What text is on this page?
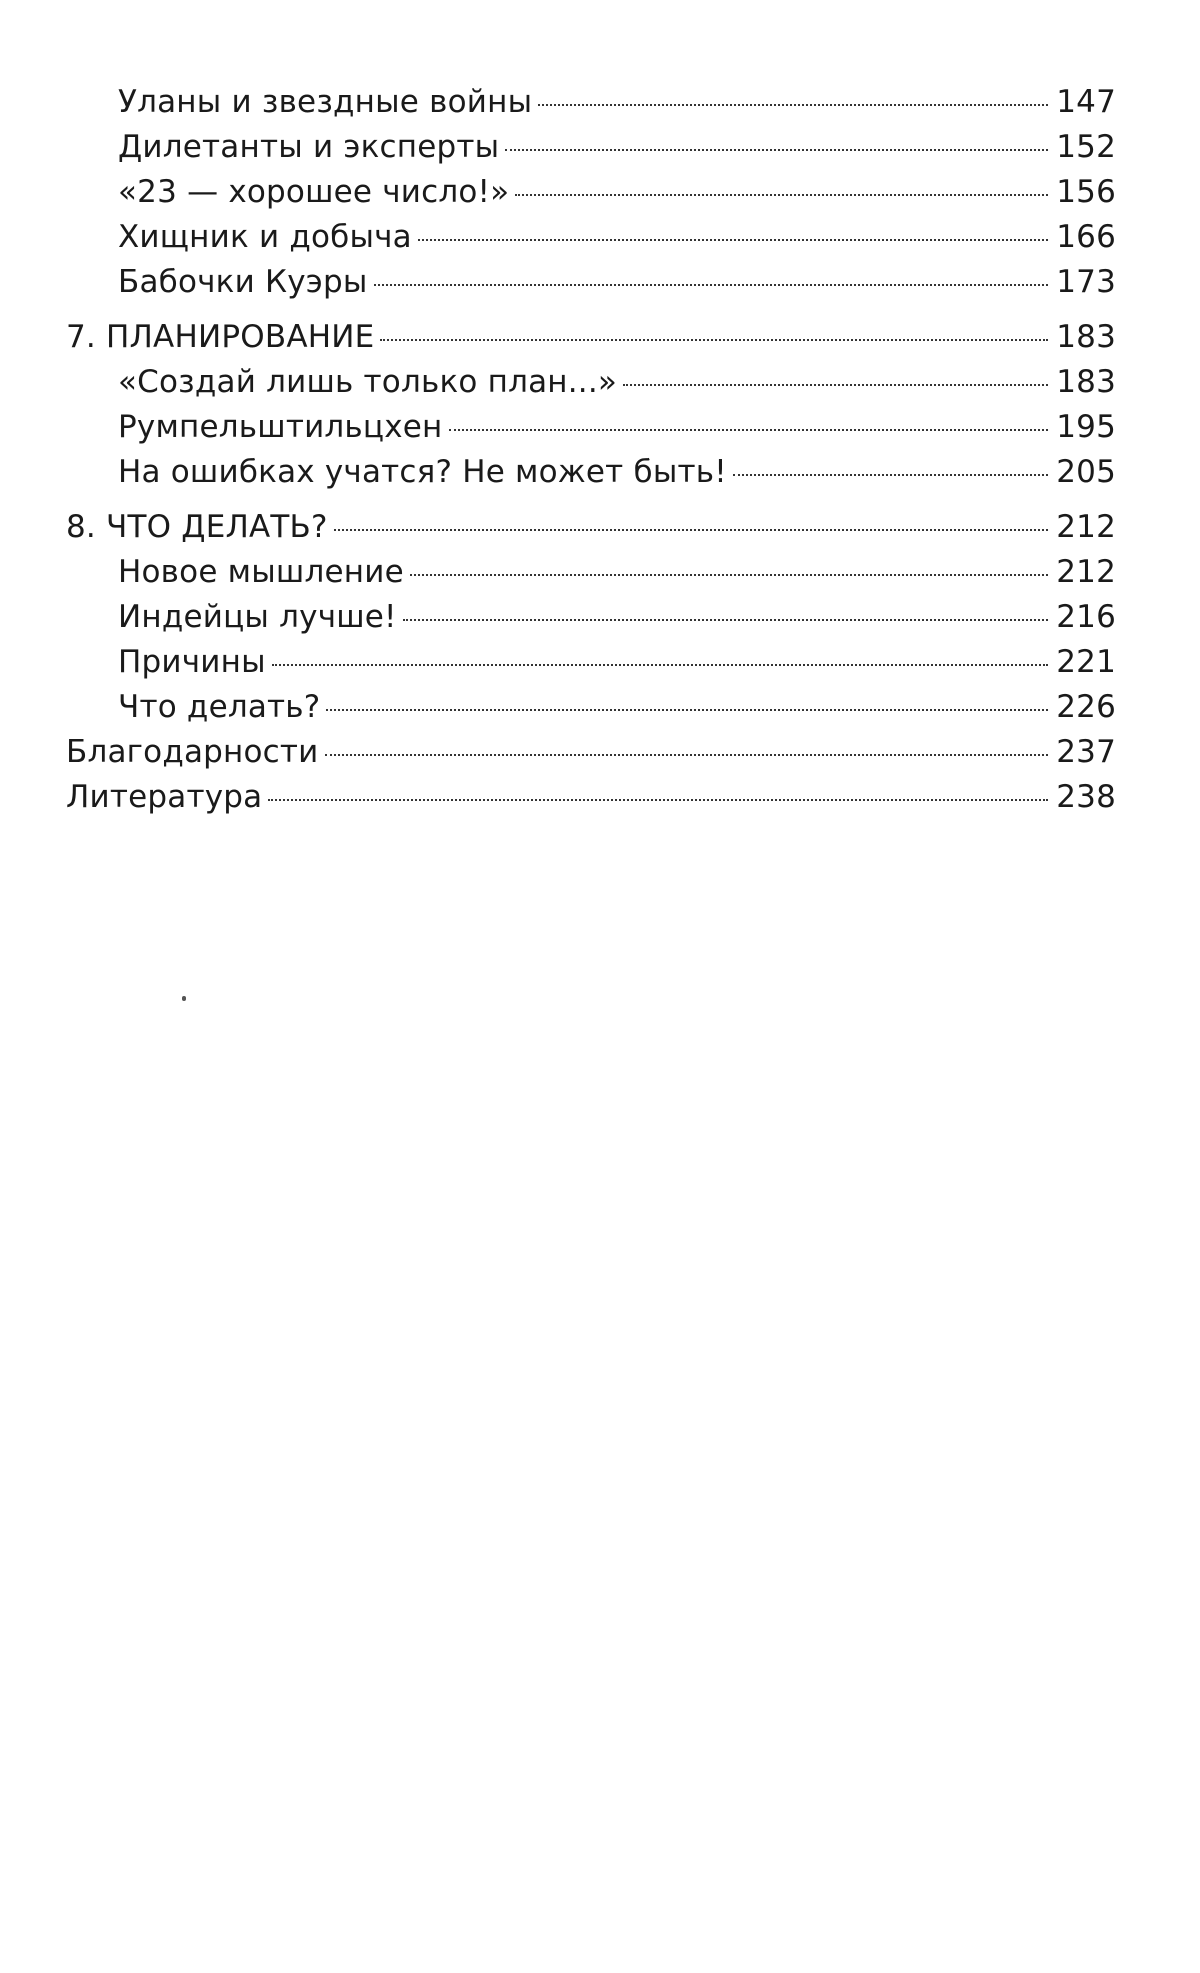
Уланы и звездные войны	147
Дилетанты и эксперты	152
«23 — хорошее число!»	156
Хищник и добыча	166
Бабочки Куэры	173
7. ПЛАНИРОВАНИЕ	183
«Создай лишь только план...»	183
Румпельштильцхен	195
На ошибках учатся? Не может быть!	205
8. ЧТО ДЕЛАТЬ?	212
Новое мышление	212
Индейцы лучше!	216
Причины	221
Что делать?	226
Благодарности	237
Литература	238
